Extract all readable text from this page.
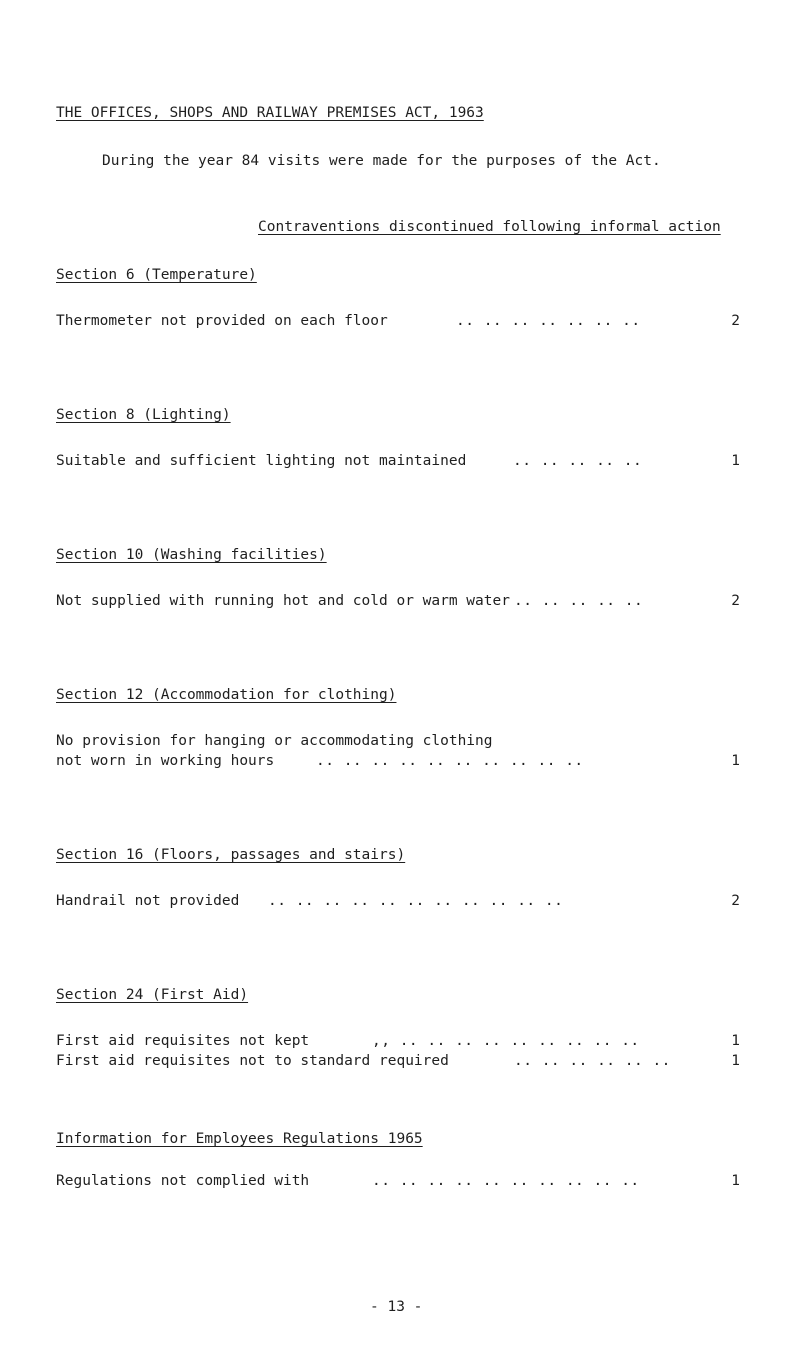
THE OFFICES, SHOPS AND RAILWAY PREMISES ACT, 1963
During the year 84 visits were made for the purposes of the Act.
Contraventions discontinued following informal action
Section 6 (Temperature)
Thermometer not provided on each floor	.. .. .. .. .. .. ..	2
Section 8 (Lighting)
Suitable and sufficient lighting not maintained	.. .. .. .. ..	1
Section 10 (Washing facilities)
Not supplied with running hot and cold or warm water .. .. .. .. ..	2
Section 12 (Accommodation for clothing)
No provision for hanging or accommodating clothing
not worn in working hours	.. .. .. .. .. .. .. .. .. ..	1
Section 16 (Floors, passages and stairs)
Handrail not provided .. .. .. .. .. .. .. .. .. .. ..	2
Section 24 (First Aid)
First aid requisites not kept	,, .. .. .. .. .. .. .. .. ..	1
First aid requisites not to standard required	.. .. .. .. .. ..	1
Information for Employees Regulations 1965
Regulations not complied with	.. .. .. .. .. .. .. .. .. ..	1
- 13 -
